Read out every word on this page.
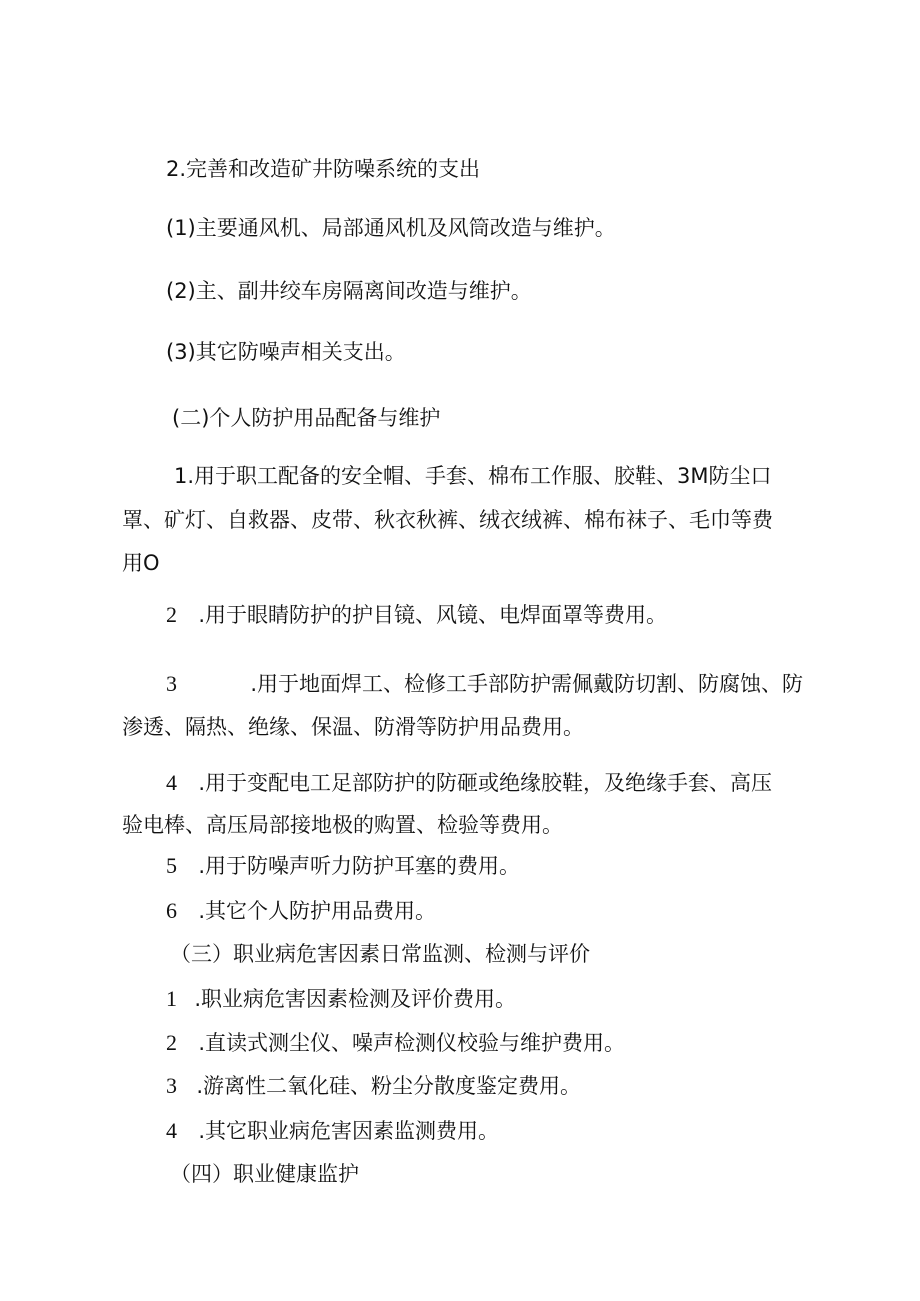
2.完善和改造矿井防噪系统的支出
(1)主要通风机、局部通风机及风筒改造与维护。
(2)主、副井绞车房隔离间改造与维护。
(3)其它防噪声相关支出。
(二)个人防护用品配备与维护
1.用于职工配备的安全帽、手套、棉布工作服、胶鞋、3M防尘口
罩、矿灯、自救器、皮带、秋衣秋裤、绒衣绒裤、棉布袜子、毛巾等费
用O
2 .用于眼睛防护的护目镜、风镜、电焊面罩等费用。
3	.用于地面焊工、检修工手部防护需佩戴防切割、防腐蚀、防
渗透、隔热、绝缘、保温、防滑等防护用品费用。
4 .用于变配电工足部防护的防砸或绝缘胶鞋，及绝缘手套、高压
验电棒、高压局部接地极的购置、检验等费用。
5 .用于防噪声听力防护耳塞的费用。
6 .其它个人防护用品费用。
（三）职业病危害因素日常监测、检测与评价
1 .职业病危害因素检测及评价费用。
2 .直读式测尘仪、噪声检测仪校验与维护费用。
3 .游离性二氧化硅、粉尘分散度鉴定费用。
4 .其它职业病危害因素监测费用。
（四）职业健康监护
